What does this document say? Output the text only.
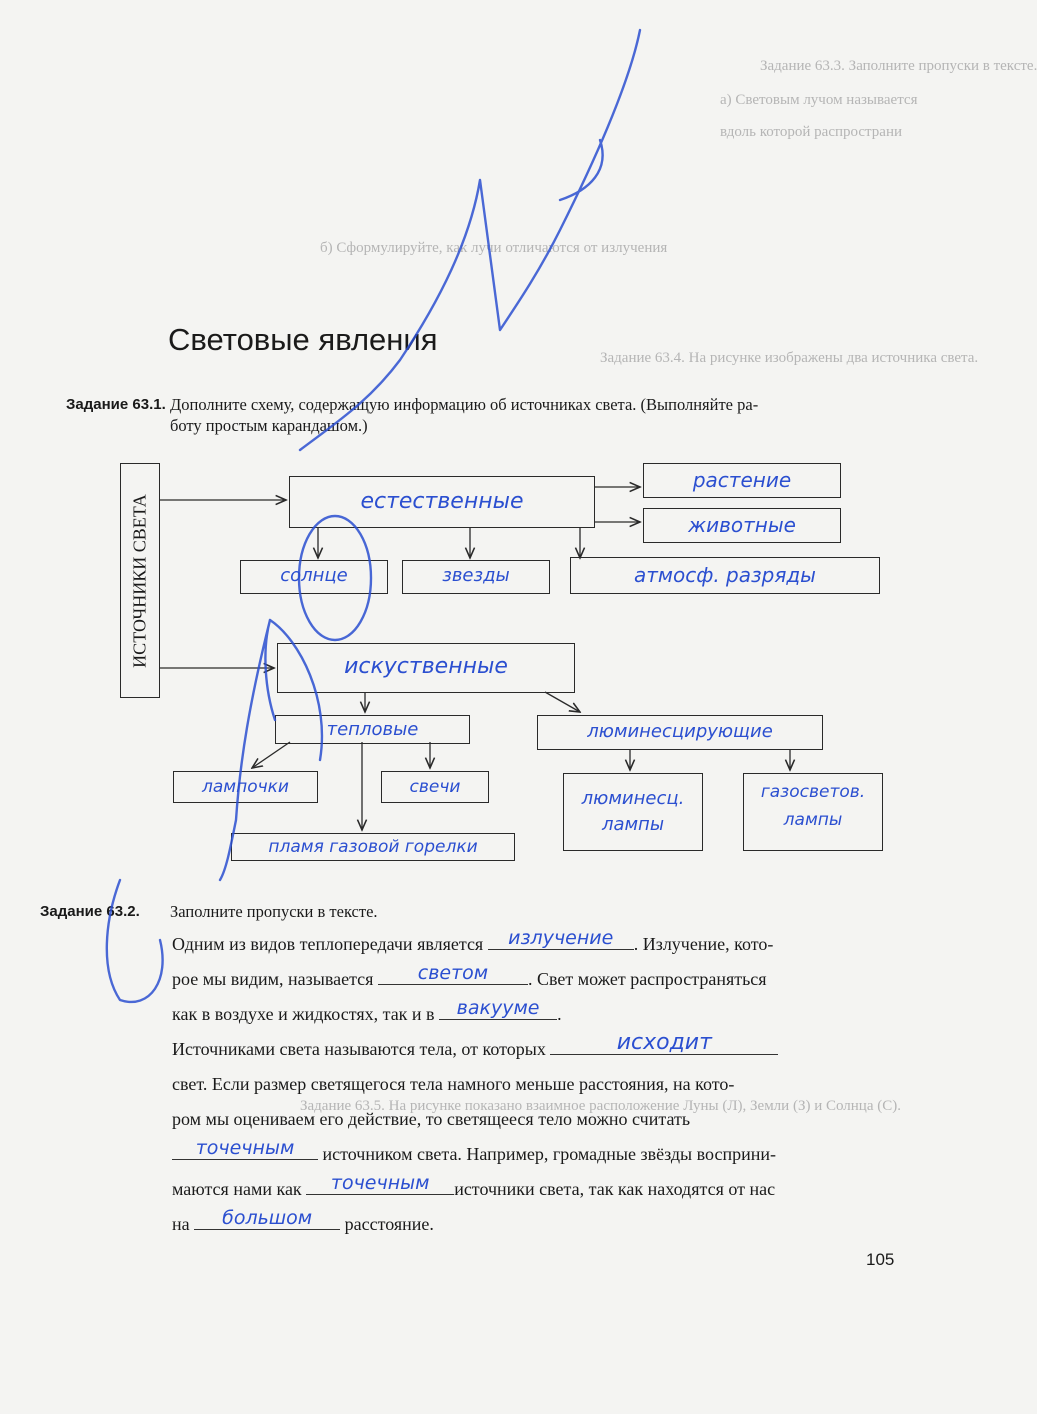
Задание 63.3. Заполните пропуски в тексте.
а) Световым лучом называется
вдоль которой распространи
б) Сформулируйте, как лучи отличаются от излучения
Задание 63.4. На рисунке изображены два источника света.
Задание 63.5. На рисунке показано взаимное расположение Луны (Л), Земли (З) и Солнца (С).
Световые явления
Задание 63.1. Дополните схему, содержащую информацию об источниках света. (Выполняйте ра-
боту простым карандашом.)
ИСТОЧНИКИ СВЕТА	естественные
растение
животные
солнце	звезды	атмосф. разряды
искуственные
тепловые	люминесцирующие
лампочки	свечи
пламя газовой горелки
люминесц. лампы
газосветов. лампы
Задание 63.2. Заполните пропуски в тексте.
Одним из видов теплопередачи является	излучение	. Излучение, кото-
рое мы видим, называется	светом	. Свет может распространяться
как в воздухе и жидкостях, так и в	вакууме .
Источниками света называются тела, от которых	исходит
свет. Если размер светящегося тела намного меньше расстояния, на кото-
ром мы оцениваем его действие, то светящееся тело можно считать
точечным	источником света. Например, громадные звёзды восприни-
маются нами как	точечным	источники света, так как находятся от нас
на	большом	расстояние.
105
